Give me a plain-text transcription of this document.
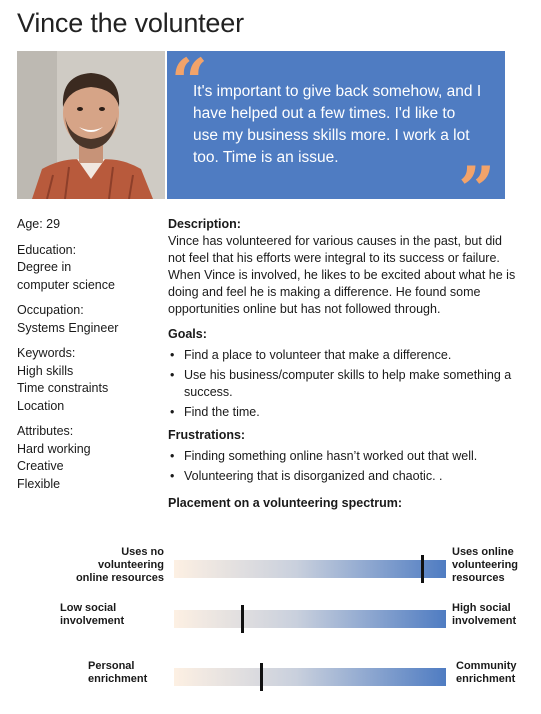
Vince the volunteer
“
It's important to give back somehow, and I have helped out a few times. I'd like to use my business skills more. I work a lot too. Time is an issue.	”
Age: 29
Education:
Degree in
computer science
Occupation:
Systems Engineer
Keywords:
High skills
Time constraints
Location
Attributes:
Hard working
Creative
Flexible
Description:
Vince has volunteered for various causes in the past, but did not feel that his efforts were integral to its success or failure. When Vince is involved, he likes to be excited about what he is doing and feel he is making a difference. He found some opportunities online but has not followed through.
Goals:
• Find a place to volunteer that make a difference.
• Use his business/computer skills to help make something a success.
• Find the time.
Frustrations:
• Finding something online hasn’t worked out that well.
• Volunteering that is disorganized and chaotic. .
Placement on a volunteering spectrum:
Uses no
volunteering
online resources
Uses online
volunteering
resources
Low social
involvement
High social
involvement
Personal
enrichment
Community
enrichment
